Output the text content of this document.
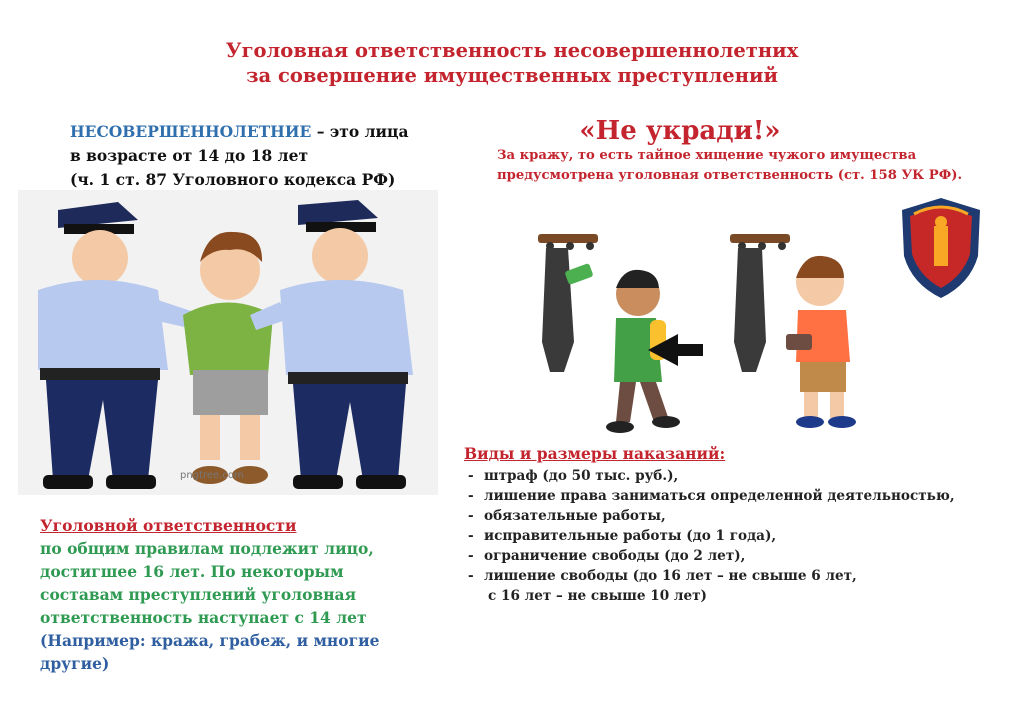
Уголовная ответственность несовершеннолетних
за совершение имущественных преступлений
НЕСОВЕРШЕННОЛЕТНИЕ – это лица
в возрасте от 14 до 18 лет
(ч. 1 ст. 87 Уголовного кодекса РФ)
pngtree.com
«Не укради!»
За кражу, то есть тайное хищение чужого имущества
предусмотрена уголовная ответственность (ст. 158 УК РФ).
Уголовной ответственности
по общим правилам подлежит лицо, достигшее 16 лет. По некоторым составам преступлений уголовная ответственность наступает с 14 лет
(Например: кража, грабеж, и многие другие)
Виды и размеры наказаний:
- штраф (до 50 тыс. руб.),
- лишение права заниматься определенной деятельностью,
- обязательные работы,
- исправительные работы (до 1 года),
- ограничение свободы (до 2 лет),
- лишение свободы (до 16 лет – не свыше 6 лет,
с 16 лет – не свыше 10 лет)
